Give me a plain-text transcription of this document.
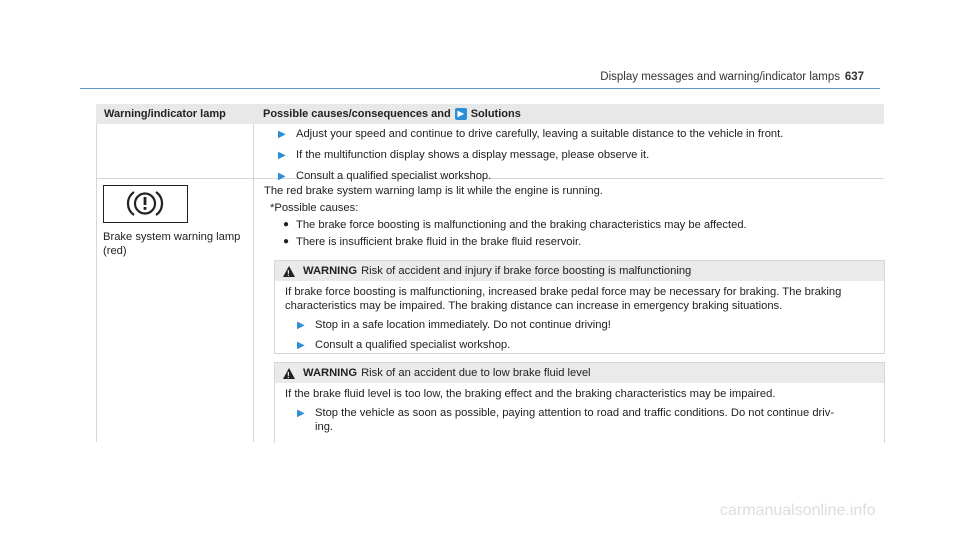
Display messages and warning/indicator lamps 637
Warning/indicator lamp	Possible causes/consequences and ▶ Solutions
▶ Adjust your speed and continue to drive carefully, leaving a suitable distance to the vehicle in front.
▶ If the multifunction display shows a display message, please observe it.
▶ Consult a qualified specialist workshop.
Brake system warning lamp (red)
The red brake system warning lamp is lit while the engine is running.
*Possible causes:
● The brake force boosting is malfunctioning and the braking characteristics may be affected.
● There is insufficient brake fluid in the brake fluid reservoir.
! WARNING Risk of accident and injury if brake force boosting is malfunctioning
If brake force boosting is malfunctioning, increased brake pedal force may be necessary for braking. The braking characteristics may be impaired. The braking distance can increase in emergency braking situations.
▶ Stop in a safe location immediately. Do not continue driving!
▶ Consult a qualified specialist workshop.
! WARNING Risk of an accident due to low brake fluid level
If the brake fluid level is too low, the braking effect and the braking characteristics may be impaired.
▶ Stop the vehicle as soon as possible, paying attention to road and traffic conditions. Do not continue driv-ing.
carmanualsonline.info
